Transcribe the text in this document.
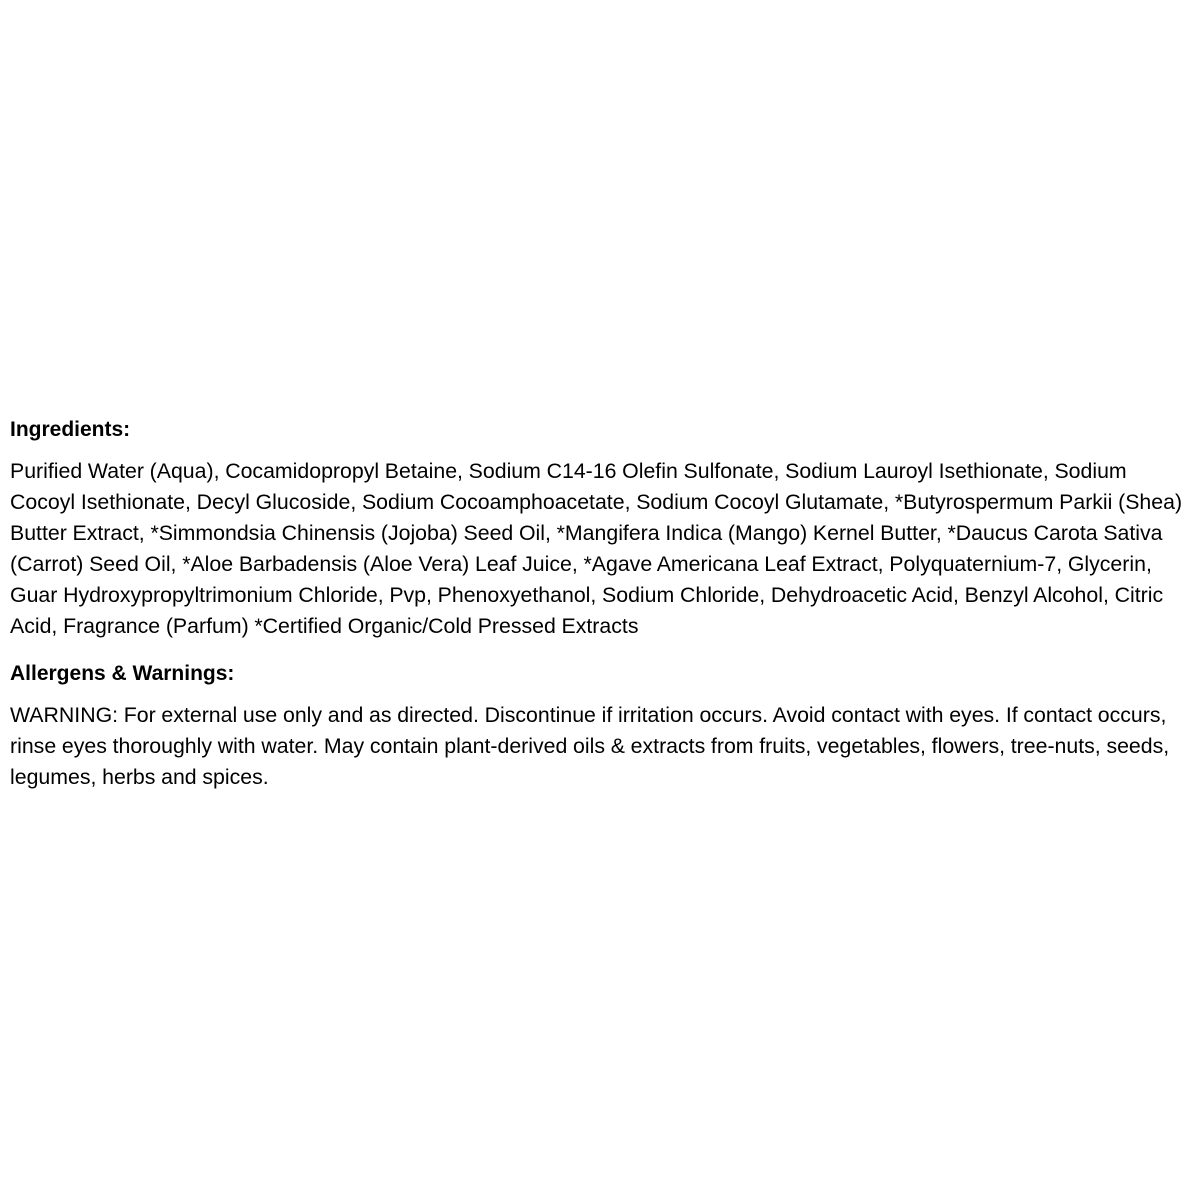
Ingredients:

Purified Water (Aqua), Cocamidopropyl Betaine, Sodium C14-16 Olefin Sulfonate, Sodium Lauroyl Isethionate, Sodium Cocoyl Isethionate, Decyl Glucoside, Sodium Cocoamphoacetate, Sodium Cocoyl Glutamate, *Butyrospermum Parkii (Shea) Butter Extract, *Simmondsia Chinensis (Jojoba) Seed Oil, *Mangifera Indica (Mango) Kernel Butter, *Daucus Carota Sativa (Carrot) Seed Oil, *Aloe Barbadensis (Aloe Vera) Leaf Juice, *Agave Americana Leaf Extract, Polyquaternium-7, Glycerin, Guar Hydroxypropyltrimonium Chloride, Pvp, Phenoxyethanol, Sodium Chloride, Dehydroacetic Acid, Benzyl Alcohol, Citric Acid, Fragrance (Parfum) *Certified Organic/Cold Pressed Extracts

Allergens & Warnings:

WARNING: For external use only and as directed. Discontinue if irritation occurs. Avoid contact with eyes. If contact occurs, rinse eyes thoroughly with water. May contain plant-derived oils & extracts from fruits, vegetables, flowers, tree-nuts, seeds, legumes, herbs and spices.
